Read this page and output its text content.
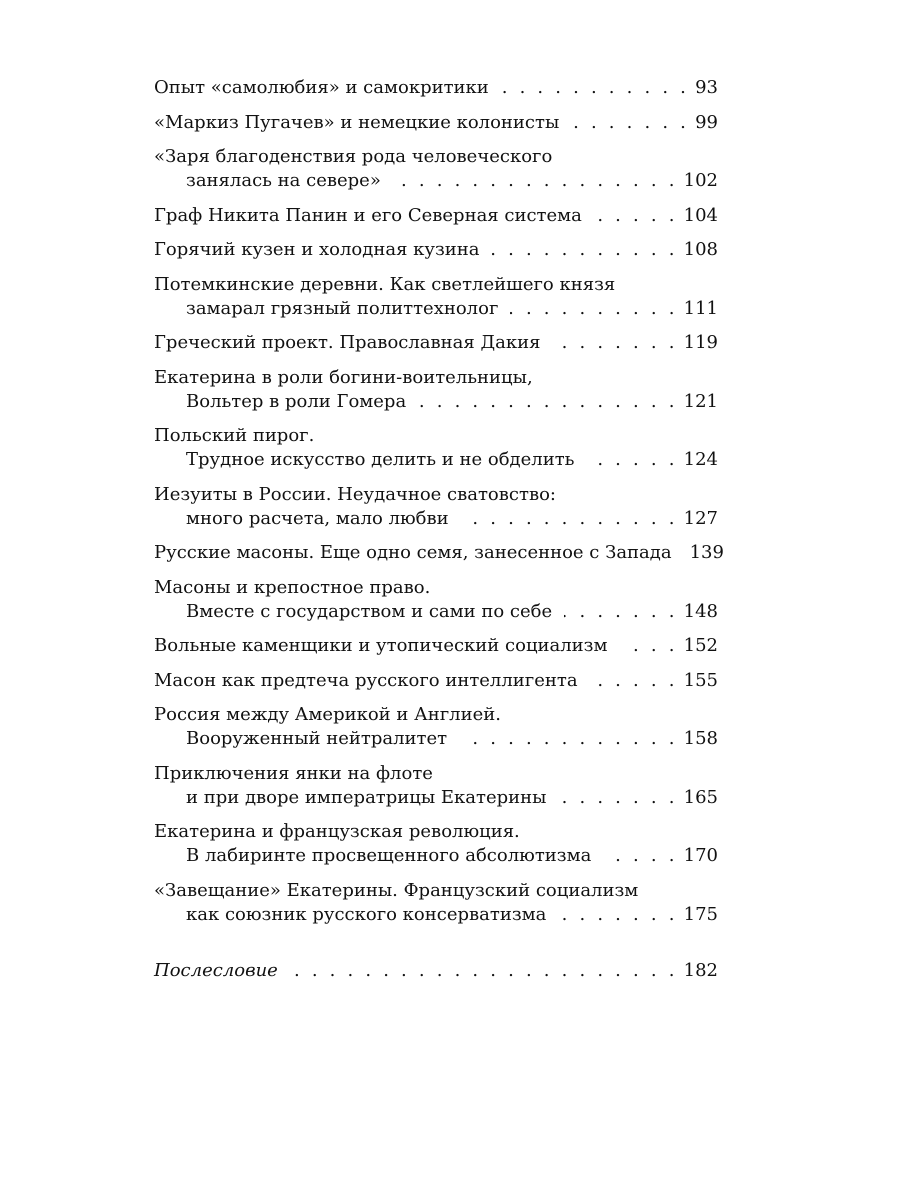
Опыт «самолюбия» и самокритики . . .	93
«Маркиз Пугачев» и немецкие колонисты . . .	99
«Заря благоденствия рода человеческого
занялась на севере» . . .	102
Граф Никита Панин и его Северная система . . .	104
Горячий кузен и холодная кузина . . .	108
Потемкинские деревни. Как светлейшего князя
замарал грязный политтехнолог . . .	111
Греческий проект. Православная Дакия . . .	119
Екатерина в роли богини-воительницы,
Вольтер в роли Гомера . . .	121
Польский пирог.
Трудное искусство делить и не обделить . . .	124
Иезуиты в России. Неудачное сватовство:
много расчета, мало любви . . .	127
Русские масоны. Еще одно семя, занесенное с Запада 139
Масоны и крепостное право.
Вместе с государством и сами по себе . . .	148
Вольные каменщики и утопический социализм . . .	152
Масон как предтеча русского интеллигента . . .	155
Россия между Америкой и Англией.
Вооруженный нейтралитет . . .	158
Приключения янки на флоте
и при дворе императрицы Екатерины . . .	165
Екатерина и французская революция.
В лабиринте просвещенного абсолютизма . . .	170
«Завещание» Екатерины. Французский социализм
как союзник русского консерватизма . . .	175
Послесловие . . .	182
